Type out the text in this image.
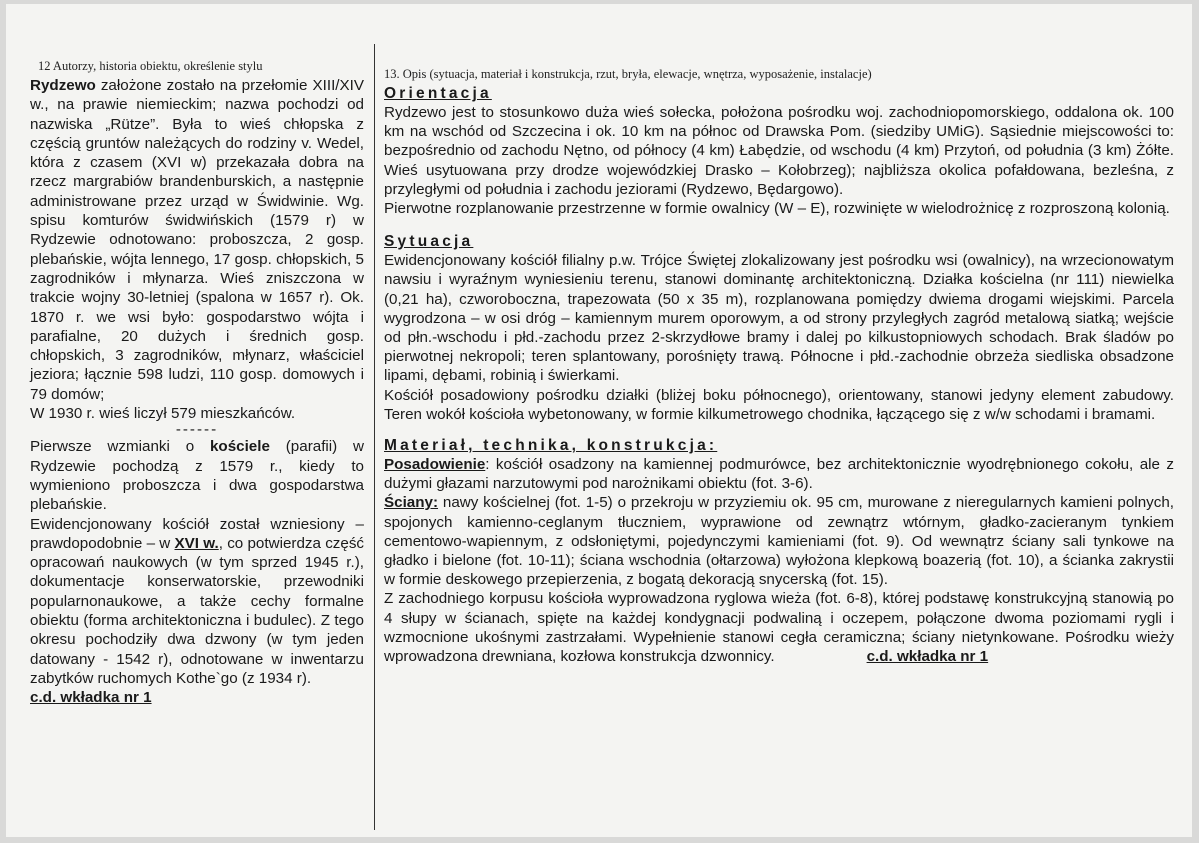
12 Autorzy, historia obiektu, określenie stylu

Rydzewo założone zostało na przełomie XIII/XIV w., na prawie niemieckim; nazwa pochodzi od nazwiska „Rütze”. Była to wieś chłopska z częścią gruntów należących do rodziny v. Wedel, która z czasem (XVI w) przekazała dobra na rzecz margrabiów brandenburskich, a następnie administrowane przez urząd w Świdwinie. Wg. spisu komturów świdwińskich (1579 r) w Rydzewie odnotowano: proboszcza, 2 gosp. plebańskie, wójta lennego, 17 gosp. chłopskich, 5 zagrodników i młynarza. Wieś zniszczona w trakcie wojny 30-letniej (spalona w 1657 r). Ok. 1870 r. we wsi było: gospodarstwo wójta i parafialne, 20 dużych i średnich gosp. chłopskich, 3 zagrodników, młynarz, właściciel jeziora; łącznie 598 ludzi, 110 gosp. domowych i 79 domów;

W 1930 r. wieś liczył 579 mieszkańców.

------

Pierwsze wzmianki o kościele (parafii) w Rydzewie pochodzą z 1579 r., kiedy to wymieniono proboszcza i dwa gospodarstwa plebańskie.

Ewidencjonowany kościół został wzniesiony – prawdopodobnie – w XVI w., co potwierdza część opracowań naukowych (w tym sprzed 1945 r.), dokumentacje konserwatorskie, przewodniki popularnonaukowe, a także cechy formalne obiektu (forma architektoniczna i budulec). Z tego okresu pochodziły dwa dzwony (w tym jeden datowany - 1542 r), odnotowane w inwentarzu zabytków ruchomych Kothe`go (z 1934 r).

c.d. wkładka nr 1

13. Opis (sytuacja, materiał i konstrukcja, rzut, bryła, elewacje, wnętrza, wyposażenie, instalacje)
Orientacja

Rydzewo jest to stosunkowo duża wieś sołecka, położona pośrodku woj. zachodniopomorskiego, oddalona ok. 100 km na wschód od Szczecina i ok. 10 km na północ od Drawska Pom. (siedziby UMiG). Sąsiednie miejscowości to: bezpośrednio od zachodu Nętno, od północy (4 km) Łabędzie, od wschodu (4 km) Przytoń, od południa (3 km) Żółte. Wieś usytuowana przy drodze wojewódzkiej Drasko – Kołobrzeg); najbliższa okolica pofałdowana, bezleśna, z przyległymi od południa i zachodu jeziorami (Rydzewo, Będargowo).

Pierwotne rozplanowanie przestrzenne w formie owalnicy (W – E), rozwinięte w wielodrożnicę z rozproszoną kolonią.

Sytuacja

Ewidencjonowany kościół filialny p.w. Trójce Świętej zlokalizowany jest pośrodku wsi (owalnicy), na wrzecionowatym nawsiu i wyraźnym wyniesieniu terenu, stanowi dominantę architektoniczną. Działka kościelna (nr 111) niewielka (0,21 ha), czworoboczna, trapezowata (50 x 35 m), rozplanowana pomiędzy dwiema drogami wiejskimi. Parcela wygrodzona – w osi dróg – kamiennym murem oporowym, a od strony przyległych zagród metalową siatką; wejście od płn.-wschodu i płd.-zachodu przez 2-skrzydłowe bramy i dalej po kilkustopniowych schodach. Brak śladów po pierwotnej nekropoli; teren splantowany, porośnięty trawą. Północne i płd.-zachodnie obrzeża siedliska obsadzone lipami, dębami, robinią i świerkami.

Kościół posadowiony pośrodku działki (bliżej boku północnego), orientowany, stanowi jedyny element zabudowy. Teren wokół kościoła wybetonowany, w formie kilkumetrowego chodnika, łączącego się z w/w schodami i bramami.

Materiał, technika, konstrukcja:

Posadowienie: kościół osadzony na kamiennej podmurówce, bez architektonicznie wyodrębnionego cokołu, ale z dużymi głazami narzutowymi pod narożnikami obiektu (fot. 3-6).

Ściany: nawy kościelnej (fot. 1-5) o przekroju w przyziemiu ok. 95 cm, murowane z nieregularnych kamieni polnych, spojonych kamienno-ceglanym tłuczniem, wyprawione od zewnątrz wtórnym, gładko-zacieranym tynkiem cementowo-wapiennym, z odsłoniętymi, pojedynczymi kamieniami (fot. 9). Od wewnątrz ściany sali tynkowe na gładko i bielone (fot. 10-11); ściana wschodnia (ołtarzowa) wyłożona klepkową boazerią (fot. 10), a ścianka zakrystii w formie deskowego przepierzenia, z bogatą dekoracją snycerską (fot. 15).

Z zachodniego korpusu kościoła wyprowadzona ryglowa wieża (fot. 6-8), której podstawę konstrukcyjną stanowią po 4 słupy w ścianach, spięte na każdej kondygnacji podwaliną i oczepem, połączone dwoma poziomami rygli i wzmocnione ukośnymi zastrzałami. Wypełnienie stanowi cegła ceramiczna; ściany nietynkowane. Pośrodku wieży wprowadzona drewniana, kozłowa konstrukcja dzwonnicy.	c.d. wkładka nr 1
